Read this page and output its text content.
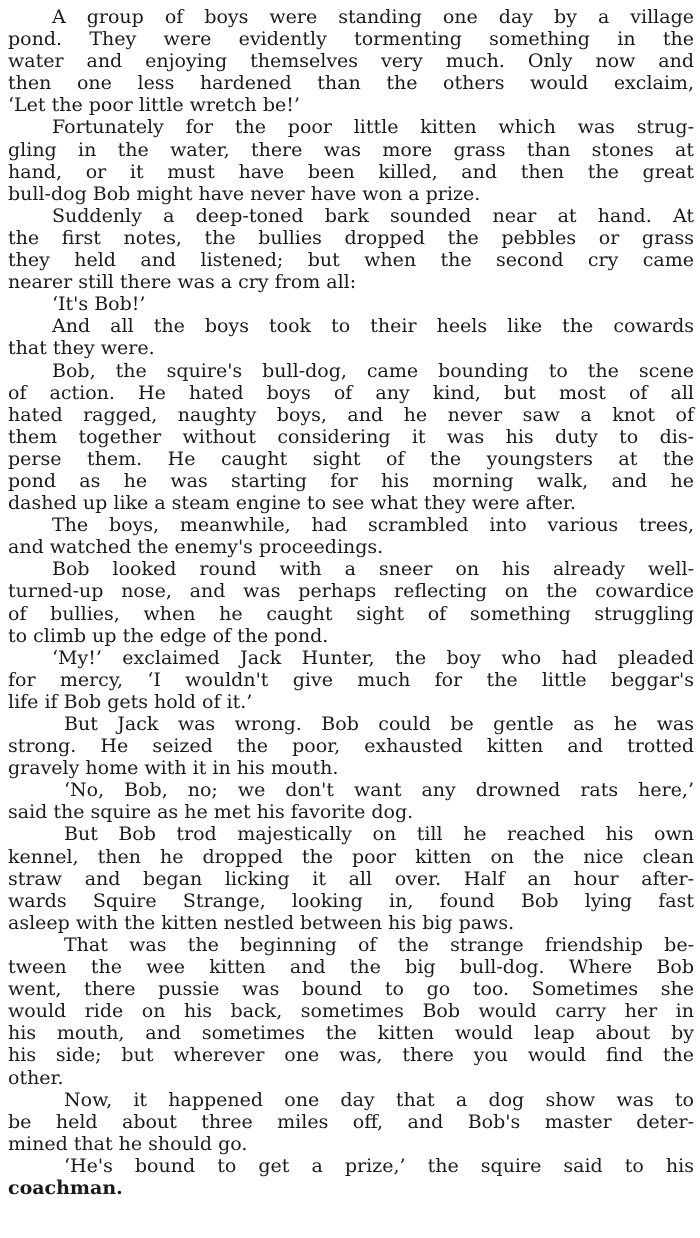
A group of boys were standing one day by a village
pond. They were evidently tormenting something in the
water and enjoying themselves very much. Only now and
then one less hardened than the others would exclaim,
‘Let the poor little wretch be!’
Fortunately for the poor little kitten which was strug-
gling in the water, there was more grass than stones at
hand, or it must have been killed, and then the great
bull-dog Bob might have never have won a prize.
Suddenly a deep-toned bark sounded near at hand. At
the first notes, the bullies dropped the pebbles or grass
they held and listened; but when the second cry came
nearer still there was a cry from all:
‘It's Bob!’
And all the boys took to their heels like the cowards
that they were.
Bob, the squire's bull-dog, came bounding to the scene
of action. He hated boys of any kind, but most of all
hated ragged, naughty boys, and he never saw a knot of
them together without considering it was his duty to dis-
perse them. He caught sight of the youngsters at the
pond as he was starting for his morning walk, and he
dashed up like a steam engine to see what they were after.
The boys, meanwhile, had scrambled into various trees,
and watched the enemy's proceedings.
Bob looked round with a sneer on his already well-
turned-up nose, and was perhaps reflecting on the cowardice
of bullies, when he caught sight of something struggling
to climb up the edge of the pond.
‘My!’ exclaimed Jack Hunter, the boy who had pleaded
for mercy, ‘I wouldn't give much for the little beggar's
life if Bob gets hold of it.’
But Jack was wrong. Bob could be gentle as he was
strong. He seized the poor, exhausted kitten and trotted
gravely home with it in his mouth.
‘No, Bob, no; we don't want any drowned rats here,’
said the squire as he met his favorite dog.
But Bob trod majestically on till he reached his own
kennel, then he dropped the poor kitten on the nice clean
straw and began licking it all over. Half an hour after-
wards Squire Strange, looking in, found Bob lying fast
asleep with the kitten nestled between his big paws.
That was the beginning of the strange friendship be-
tween the wee kitten and the big bull-dog. Where Bob
went, there pussie was bound to go too. Sometimes she
would ride on his back, sometimes Bob would carry her in
his mouth, and sometimes the kitten would leap about by
his side; but wherever one was, there you would find the
other.
Now, it happened one day that a dog show was to
be held about three miles off, and Bob's master deter-
mined that he should go.
‘He's bound to get a prize,’ the squire said to his
coachman.
